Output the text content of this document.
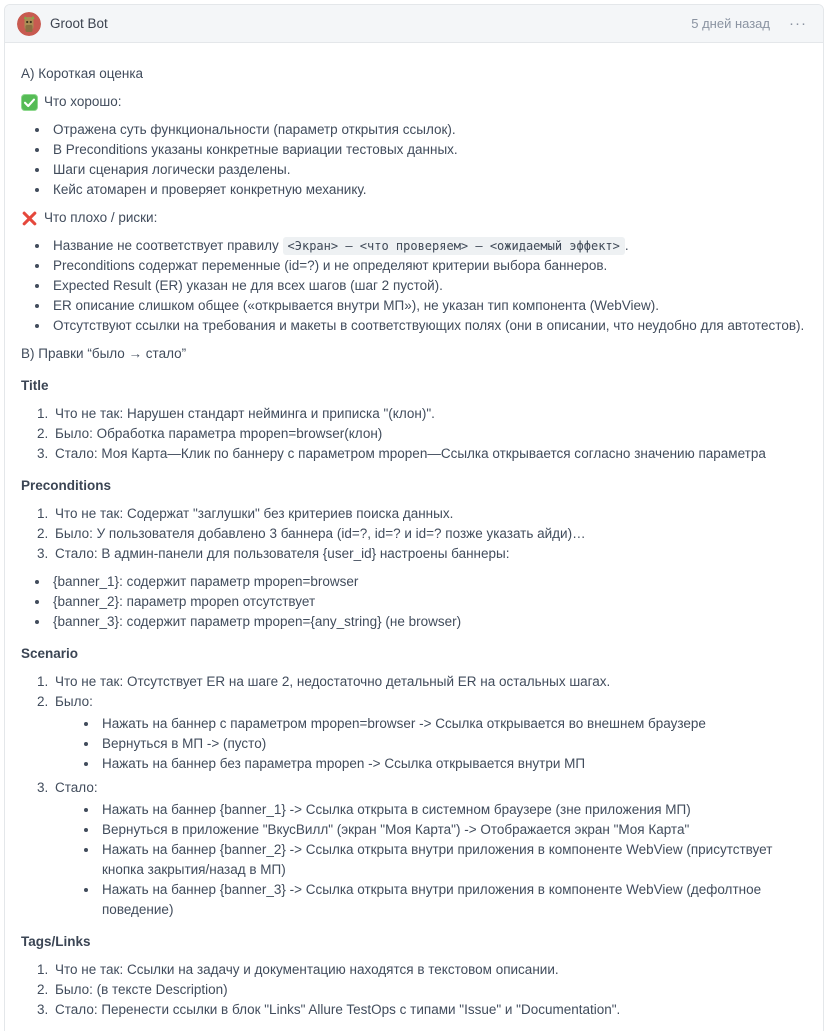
Groot Bot	5 дней назад ···

А) Короткая оценка

Что хорошо:

• Отражена суть функциональности (параметр открытия ссылок).
• В Preconditions указаны конкретные вариации тестовых данных.
• Шаги сценария логически разделены.
• Кейс атомарен и проверяет конкретную механику.

Что плохо / риски:

• Название не соответствует правилу <Экран> — <что проверяем> — <ожидаемый эффект> .
• Preconditions содержат переменные (id=?) и не определяют критерии выбора баннеров.
• Expected Result (ER) указан не для всех шагов (шаг 2 пустой).
• ER описание слишком общее («открывается внутри МП»), не указан тип компонента (WebView).
• Отсутствуют ссылки на требования и макеты в соответствующих полях (они в описании, что неудобно для автотестов).

В) Правки “было → стало”

Title
1. Что не так: Нарушен стандарт нейминга и приписка "(клон)".
2. Было: Обработка параметра mpopen=browser(клон)
3. Стало: Моя Карта—Клик по баннеру с параметром mpopen—Ссылка открывается согласно значению параметра
Preconditions
1. Что не так: Содержат "заглушки" без критериев поиска данных.
2. Было: У пользователя добавлено 3 баннера (id=?, id=? и id=? позже указать айди)…
3. Стало: В админ-панели для пользователя {user_id} настроены баннеры:
• {banner_1}: содержит параметр mpopen=browser
• {banner_2}: параметр mpopen отсутствует
• {banner_3}: содержит параметр mpopen={any_string} (не browser)
Scenario
1. Что не так: Отсутствует ER на шаге 2, недостаточно детальный ER на остальных шагах.
2. Было:
• Нажать на баннер с параметром mpopen=browser -> Ссылка открывается во внешнем браузере
• Вернуться в МП -> (пусто)
• Нажать на баннер без параметра mpopen -> Ссылка открывается внутри МП
3. Стало:
• Нажать на баннер {banner_1} -> Ссылка открыта в системном браузере (зне приложения МП)
• Вернуться в приложение "ВкусВилл" (экран "Моя Карта") -> Отображается экран "Моя Карта"
• Нажать на баннер {banner_2} -> Ссылка открыта внутри приложения в компоненте WebView (присутствует кнопка закрытия/назад в МП)
• Нажать на баннер {banner_3} -> Ссылка открыта внутри приложения в компоненте WebView (дефолтное поведение)
Tags/Links
1. Что не так: Ссылки на задачу и документацию находятся в текстовом описании.
2. Было: (в тексте Description)
3. Стало: Перенести ссылки в блок "Links" Allure TestOps с типами "Issue" и "Documentation".
